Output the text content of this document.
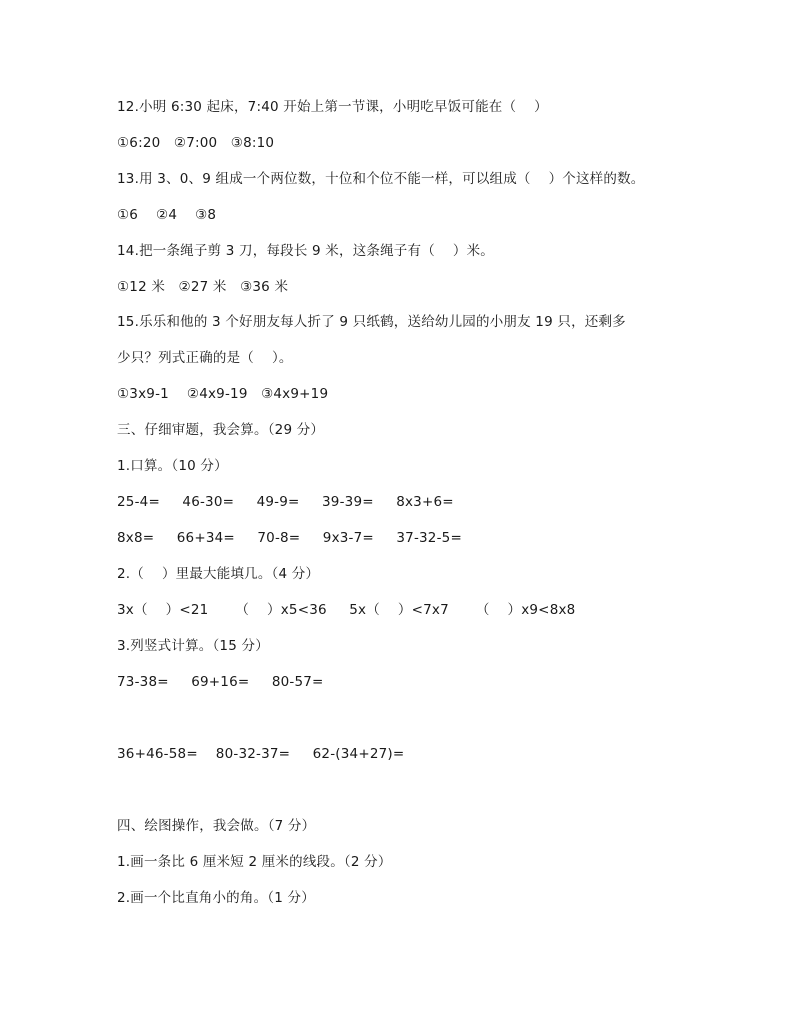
12.小明 6:30 起床，7:40 开始上第一节课，小明吃早饭可能在（    ）
①6:20   ②7:00   ③8:10
13.用 3、0、9 组成一个两位数，十位和个位不能一样，可以组成（    ）个这样的数。
①6    ②4    ③8
14.把一条绳子剪 3 刀，每段长 9 米，这条绳子有（    ）米。
①12 米   ②27 米   ③36 米
15.乐乐和他的 3 个好朋友每人折了 9 只纸鹤，送给幼儿园的小朋友 19 只，还剩多
少只？列式正确的是（    ）。
①3x9-1    ②4x9-19   ③4x9+19
三、仔细审题，我会算。（29 分）
1.口算。（10 分）
25-4=     46-30=     49-9=     39-39=     8x3+6=
8x8=     66+34=     70-8=     9x3-7=     37-32-5=
2.（    ）里最大能填几。（4 分）
3x（    ）<21      （    ）x5<36     5x（    ）<7x7      （    ）x9<8x8
3.列竖式计算。（15 分）
73-38=     69+16=     80-57=
36+46-58=    80-32-37=     62-(34+27)=
四、绘图操作，我会做。（7 分）
1.画一条比 6 厘米短 2 厘米的线段。（2 分）
2.画一个比直角小的角。（1 分）
